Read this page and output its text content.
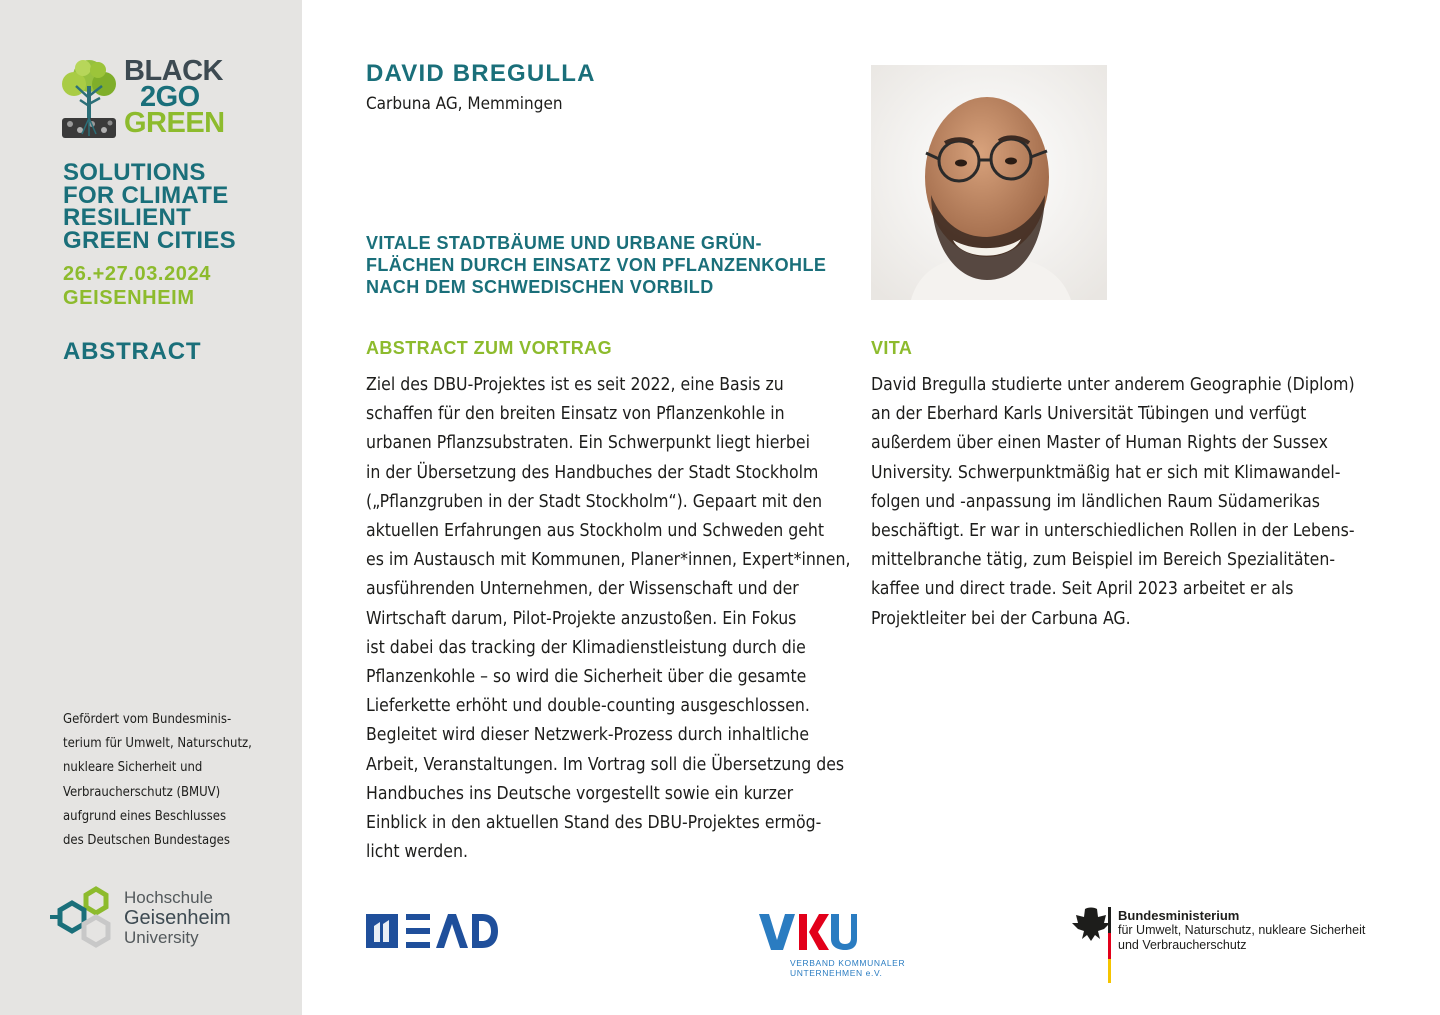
BLACK
2GO
GREEN
SOLUTIONS
FOR CLIMATE
RESILIENT
GREEN CITIES
26.+27.03.2024
GEISENHEIM
ABSTRACT
Gefördert vom Bundesminis-
terium für Umwelt, Naturschutz,
nukleare Sicherheit und
Verbraucherschutz (BMUV)
aufgrund eines Beschlusses
des Deutschen Bundestages
Hochschule
Geisenheim
University
DAVID BREGULLA
Carbuna AG, Memmingen
VITALE STADTBÄUME UND URBANE GRÜN-
FLÄCHEN DURCH EINSATZ VON PFLANZENKOHLE
NACH DEM SCHWEDISCHEN VORBILD
ABSTRACT ZUM VORTRAG	VITA
Ziel des DBU-Projektes ist es seit 2022, eine Basis zu
schaffen für den breiten Einsatz von Pflanzenkohle in
urbanen Pflanzsubstraten. Ein Schwerpunkt liegt hierbei
in der Übersetzung des Handbuches der Stadt Stockholm
(„Pflanzgruben in der Stadt Stockholm“). Gepaart mit den
aktuellen Erfahrungen aus Stockholm und Schweden geht
es im Austausch mit Kommunen, Planer*innen, Expert*innen,
ausführenden Unternehmen, der Wissenschaft und der
Wirtschaft darum, Pilot-Projekte anzustoßen. Ein Fokus
ist dabei das tracking der Klimadienstleistung durch die
Pflanzenkohle – so wird die Sicherheit über die gesamte
Lieferkette erhöht und double-counting ausgeschlossen.
Begleitet wird dieser Netzwerk-Prozess durch inhaltliche
Arbeit, Veranstaltungen. Im Vortrag soll die Übersetzung des
Handbuches ins Deutsche vorgestellt sowie ein kurzer
Einblick in den aktuellen Stand des DBU-Projektes ermög-
licht werden.
David Bregulla studierte unter anderem Geographie (Diplom)
an der Eberhard Karls Universität Tübingen und verfügt
außerdem über einen Master of Human Rights der Sussex
University. Schwerpunktmäßig hat er sich mit Klimawandel-
folgen und -anpassung im ländlichen Raum Südamerikas
beschäftigt. Er war in unterschiedlichen Rollen in der Lebens-
mittelbranche tätig, zum Beispiel im Bereich Spezialitäten-
kaffee und direct trade. Seit April 2023 arbeitet er als
Projektleiter bei der Carbuna AG.
VKU
VERBAND KOMMUNALER
UNTERNEHMEN e.V.
Bundesministerium
für Umwelt, Naturschutz, nukleare Sicherheit
und Verbraucherschutz
